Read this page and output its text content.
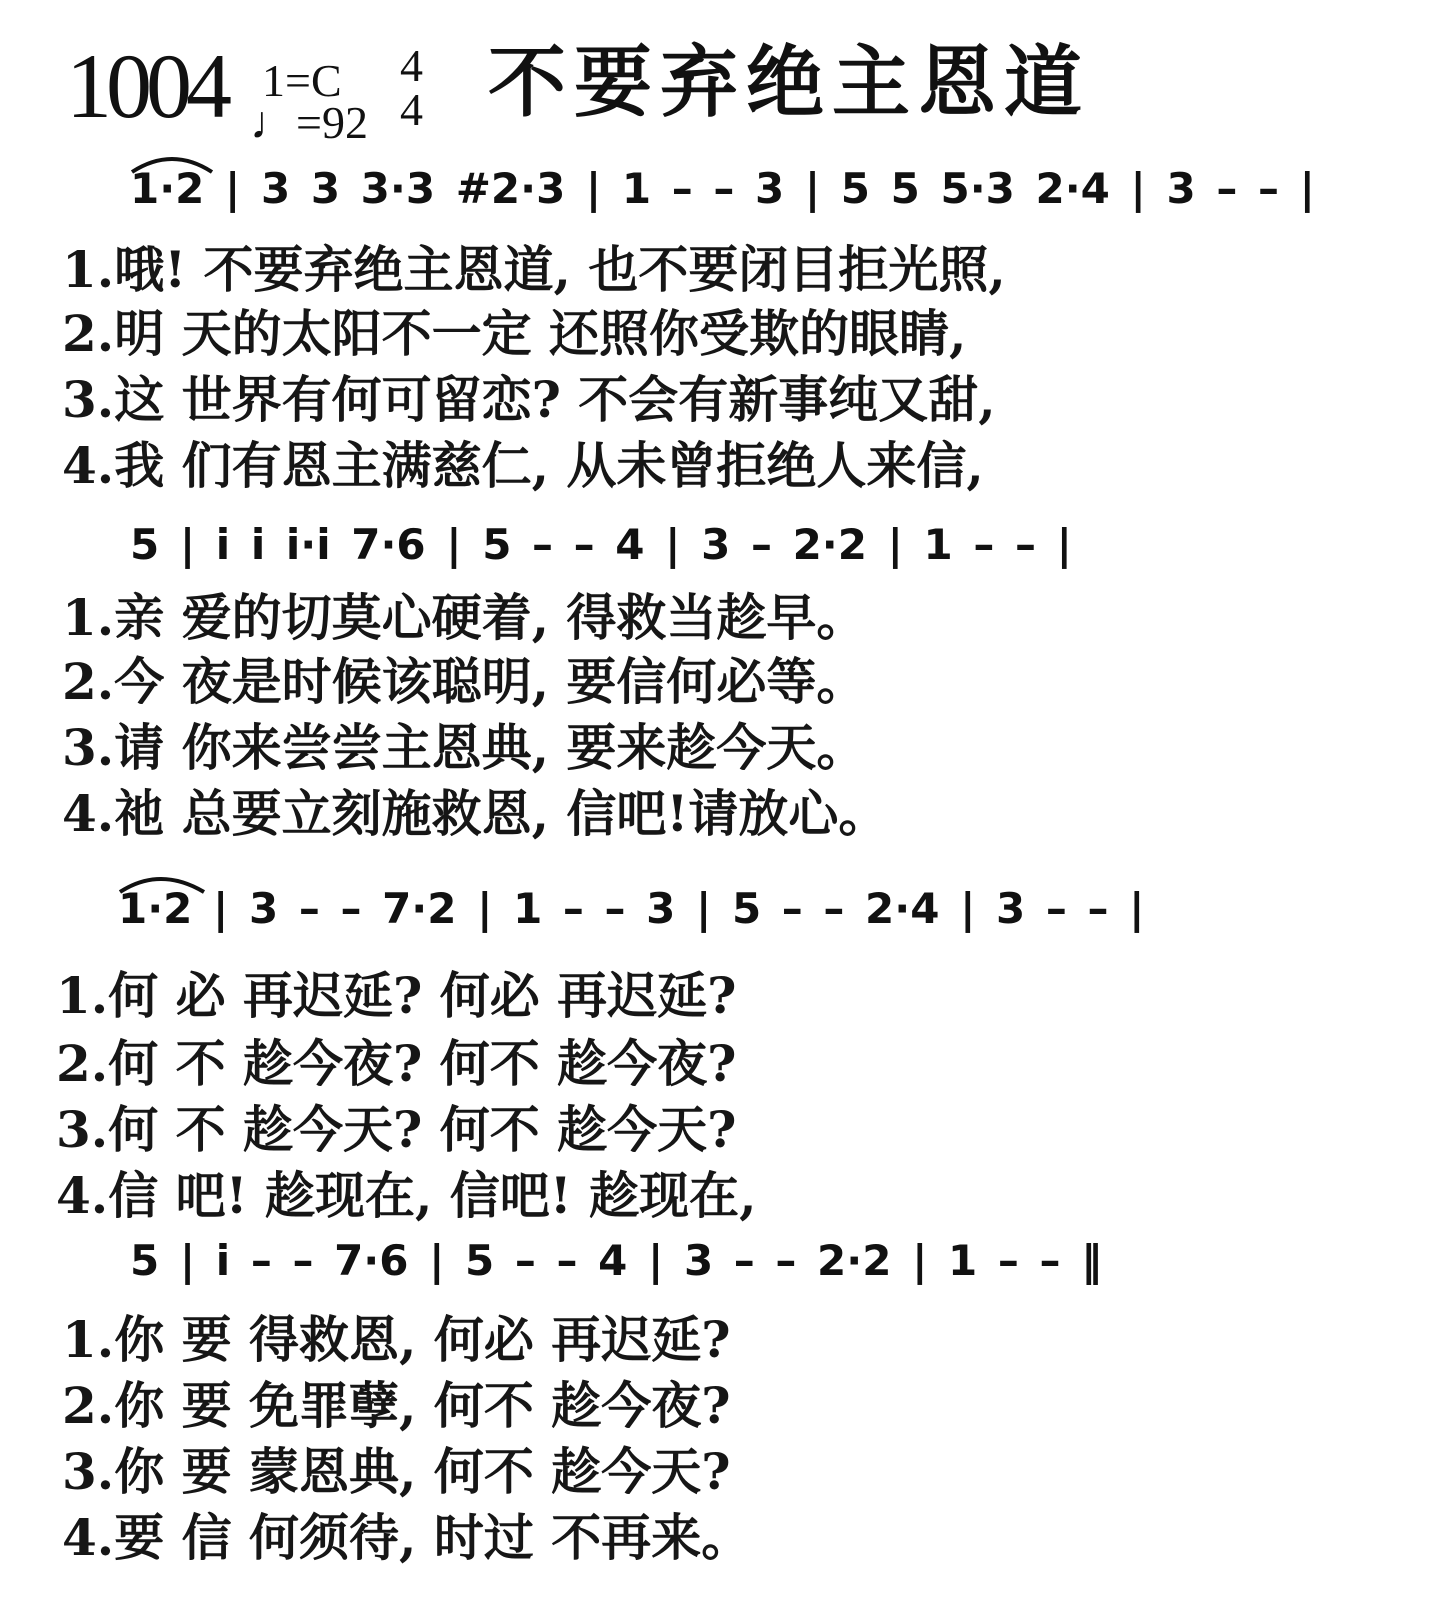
1004 1=C
♩=92
4
4 不要弃绝主恩道
1·2 | 3 3 3·3 #2·3 | 1 – – 3 | 5 5 5·3 2·4 | 3 – – |
1.哦! 不要弃绝主恩道, 也不要闭目拒光照,
2.明 天的太阳不一定 还照你受欺的眼睛,
3.这 世界有何可留恋? 不会有新事纯又甜,
4.我 们有恩主满慈仁, 从未曾拒绝人来信,
5 | i i i·i 7·6 | 5 – – 4 | 3 – 2·2 | 1 – – |
1.亲 爱的切莫心硬着, 得救当趁早。
2.今 夜是时候该聪明, 要信何必等。
3.请 你来尝尝主恩典, 要来趁今天。
4.祂 总要立刻施救恩, 信吧!请放心。
1·2 | 3 – – 7·2 | 1 – – 3 | 5 – – 2·4 | 3 – – |
1.何 必 再迟延? 何必 再迟延?
2.何 不 趁今夜? 何不 趁今夜?
3.何 不 趁今天? 何不 趁今天?
4.信 吧! 趁现在, 信吧! 趁现在,
5 | i – – 7·6 | 5 – – 4 | 3 – – 2·2 | 1 – – ‖
1.你 要 得救恩, 何必 再迟延?
2.你 要 免罪孽, 何不 趁今夜?
3.你 要 蒙恩典, 何不 趁今天?
4.要 信 何须待, 时过 不再来。
